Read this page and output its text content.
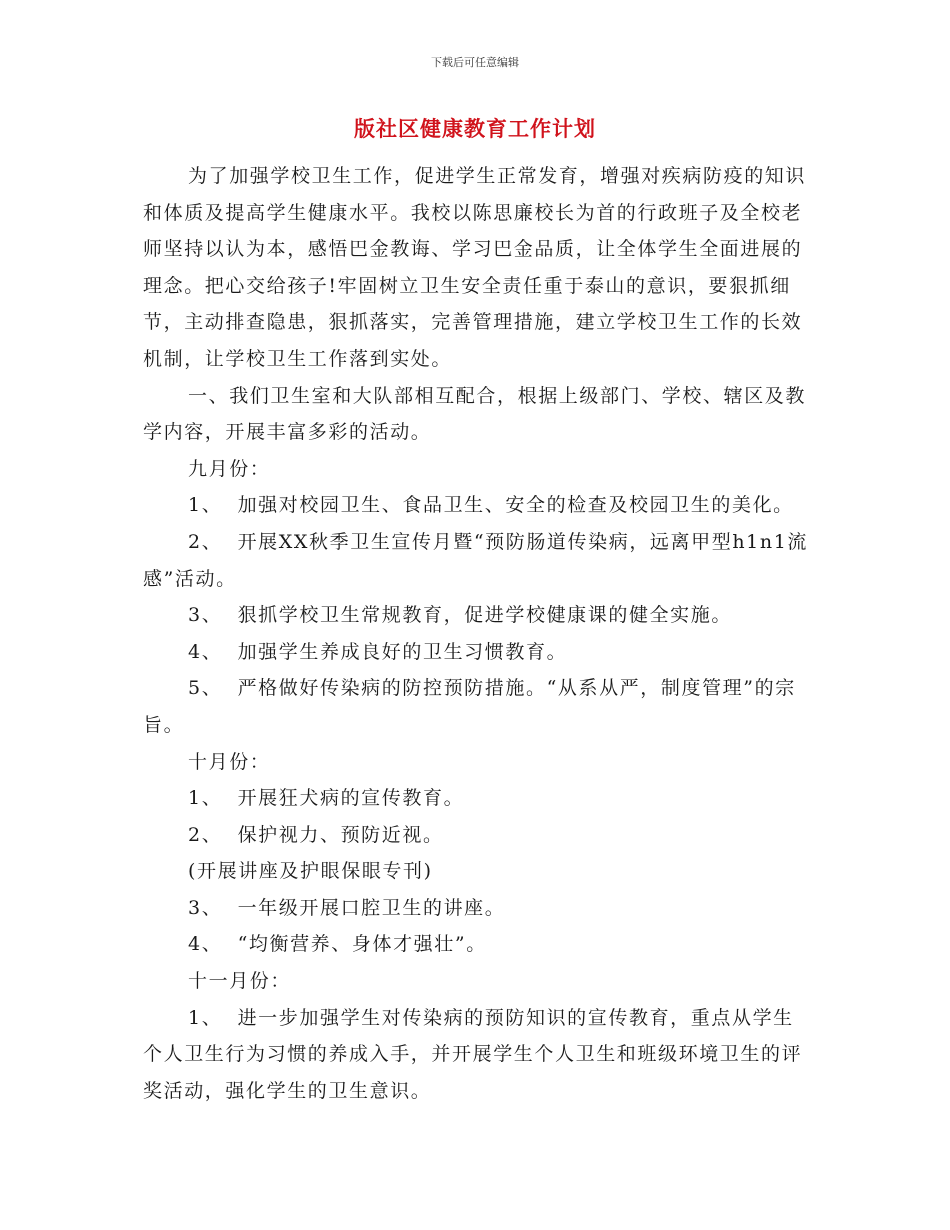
下载后可任意编辑
版社区健康教育工作计划

为了加强学校卫生工作，促进学生正常发育，增强对疾病防疫的知识和体质及提高学生健康水平。我校以陈思廉校长为首的行政班子及全校老师坚持以认为本，感悟巴金教诲、学习巴金品质，让全体学生全面进展的理念。把心交给孩子!牢固树立卫生安全责任重于泰山的意识，要狠抓细节，主动排查隐患，狠抓落实，完善管理措施，建立学校卫生工作的长效机制，让学校卫生工作落到实处。

一、我们卫生室和大队部相互配合，根据上级部门、学校、辖区及教学内容，开展丰富多彩的活动。

九月份：

1、  加强对校园卫生、食品卫生、安全的检查及校园卫生的美化。

2、  开展XX秋季卫生宣传月暨“预防肠道传染病，远离甲型h1n1流感”活动。

3、  狠抓学校卫生常规教育，促进学校健康课的健全实施。

4、  加强学生养成良好的卫生习惯教育。

5、  严格做好传染病的防控预防措施。“从系从严，制度管理”的宗旨。

十月份：

1、  开展狂犬病的宣传教育。

2、  保护视力、预防近视。

(开展讲座及护眼保眼专刊)

3、  一年级开展口腔卫生的讲座。

4、  “均衡营养、身体才强壮”。

十一月份：

1、  进一步加强学生对传染病的预防知识的宣传教育，重点从学生个人卫生行为习惯的养成入手，并开展学生个人卫生和班级环境卫生的评奖活动，强化学生的卫生意识。
